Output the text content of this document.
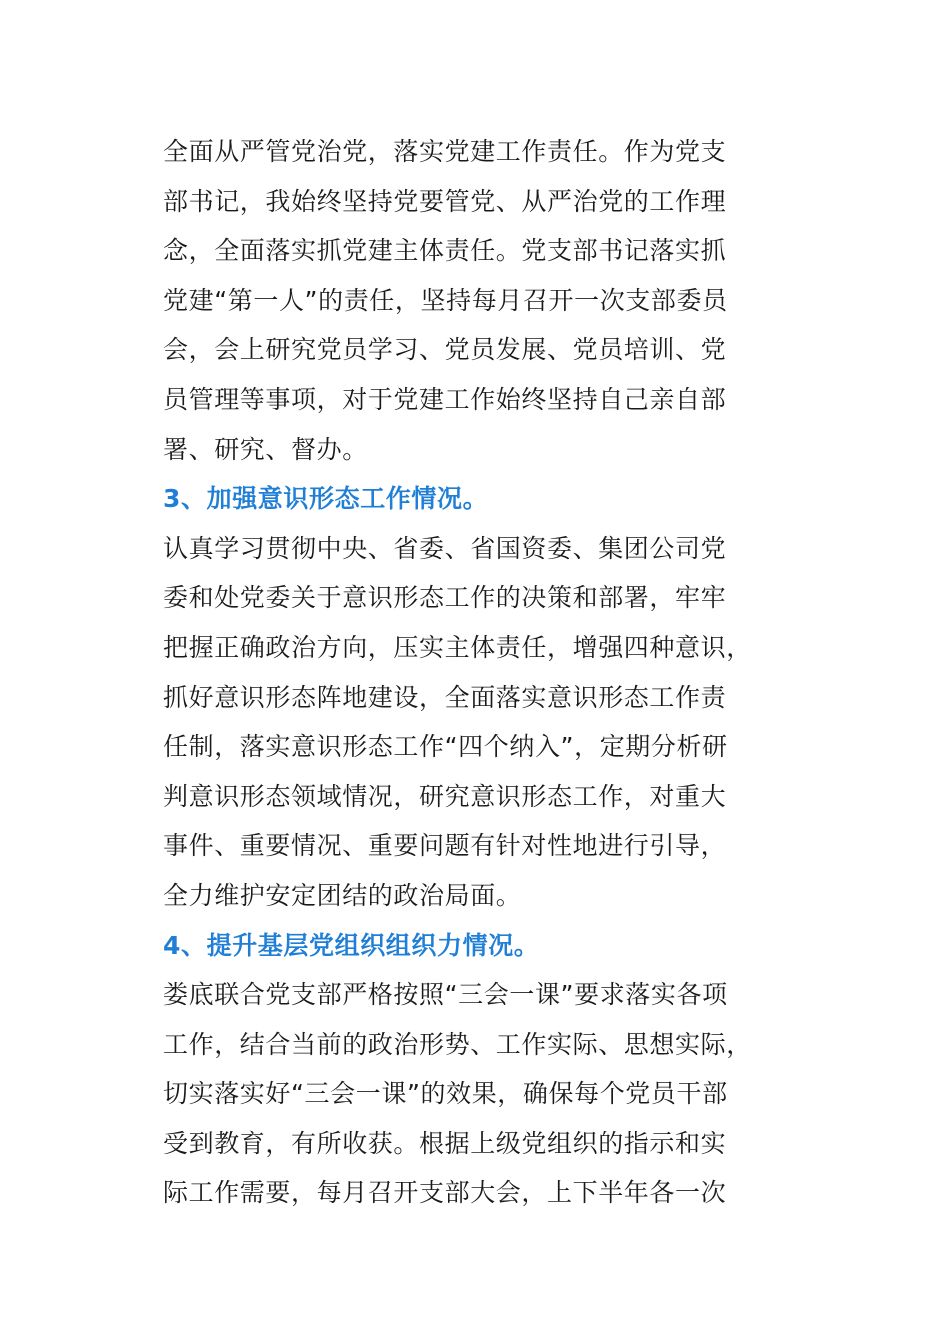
全面从严管党治党，落实党建工作责任。作为党支
部书记，我始终坚持党要管党、从严治党的工作理
念，全面落实抓党建主体责任。党支部书记落实抓
党建“第一人”的责任，坚持每月召开一次支部委员
会，会上研究党员学习、党员发展、党员培训、党
员管理等事项，对于党建工作始终坚持自己亲自部
署、研究、督办。
3、加强意识形态工作情况。
认真学习贯彻中央、省委、省国资委、集团公司党
委和处党委关于意识形态工作的决策和部署，牢牢
把握正确政治方向，压实主体责任，增强四种意识，
抓好意识形态阵地建设，全面落实意识形态工作责
任制，落实意识形态工作“四个纳入”，定期分析研
判意识形态领域情况，研究意识形态工作，对重大
事件、重要情况、重要问题有针对性地进行引导，
全力维护安定团结的政治局面。
4、提升基层党组织组织力情况。
娄底联合党支部严格按照“三会一课”要求落实各项
工作，结合当前的政治形势、工作实际、思想实际，
切实落实好“三会一课”的效果，确保每个党员干部
受到教育，有所收获。根据上级党组织的指示和实
际工作需要，每月召开支部大会，上下半年各一次
